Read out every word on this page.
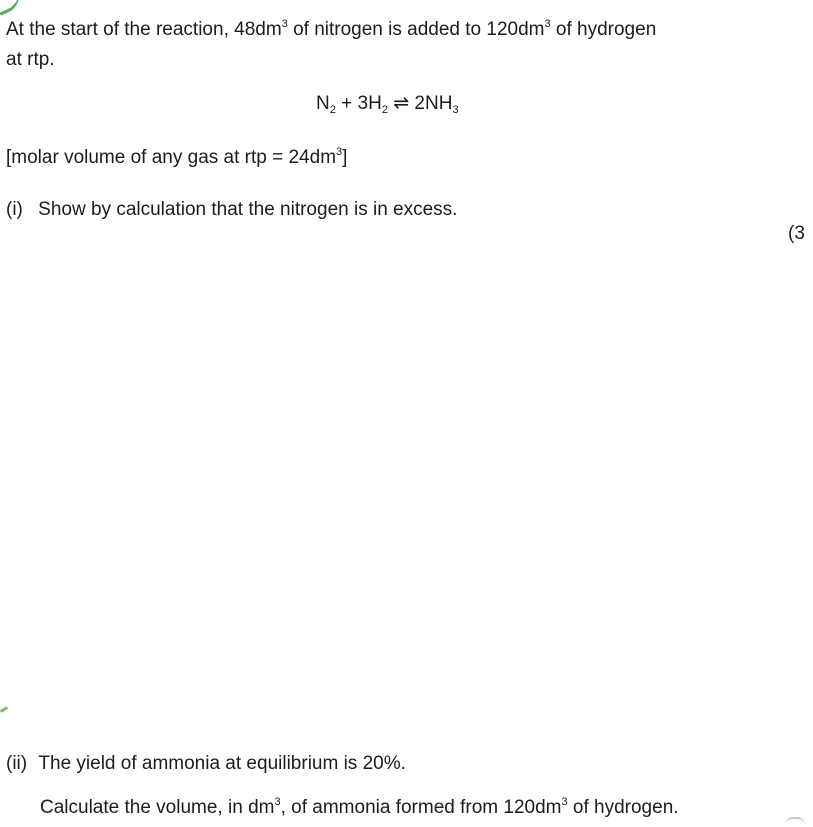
At the start of the reaction, $48dm^3$ of nitrogen is added to $120dm^3$ of hydrogen
at rtp.
$N_2 + 3H_2$ ⇌ $2NH_3$
[molar volume of any gas at rtp = $24dm^3$]
(i) Show by calculation that the nitrogen is in excess.
(3
(ii) The yield of ammonia at equilibrium is 20%.
Calculate the volume, in $dm^3$, of ammonia formed from $120dm^3$ of hydrogen.
